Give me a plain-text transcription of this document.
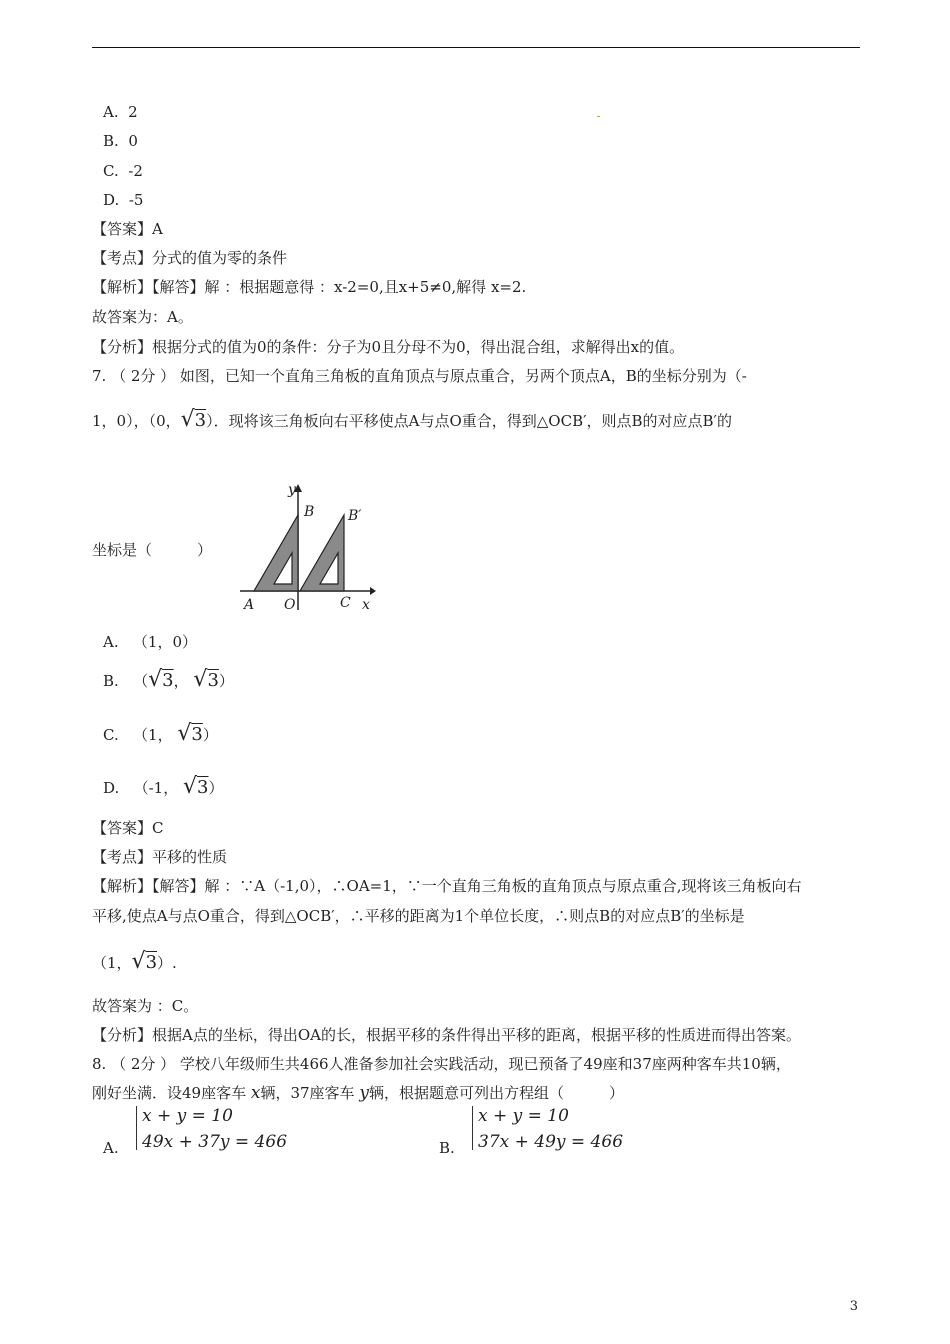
A. 2
B. 0
C. -2
D. -5
【答案】A
【考点】分式的值为零的条件
【解析】【解答】解 ：根据题意得 ：x-2=0,且x+5≠0,解得 x=2.
故答案为：A。
【分析】根据分式的值为0的条件：分子为0且分母不为0，得出混合组，求解得出x的值。
7. （ 2分 ） 如图，已知一个直角三角板的直角顶点与原点重合，另两个顶点A，B的坐标分别为（-
1，0），（0，√3）．现将该三角板向右平移使点A与点O重合，得到△OCB′，则点B的对应点B′的
坐标是（　　　）
y
B B′
A O	C x
A. （1，0）
B. （√3， √3）
C. （1， √3）
D. （-1， √3）
【答案】C
【考点】平移的性质
【解析】【解答】解 ：∵A（-1,0），∴OA=1，∵一个直角三角板的直角顶点与原点重合,现将该三角板向右
平移,使点A与点O重合，得到△OCB′，∴平移的距离为1个单位长度，∴则点B的对应点B′的坐标是
（1，√3）.
故答案为 ：C。
【分析】根据A点的坐标，得出OA的长，根据平移的条件得出平移的距离，根据平移的性质进而得出答案。
8. （ 2分 ） 学校八年级师生共466人准备参加社会实践活动，现已预备了49座和37座两种客车共10辆，
刚好坐满．设49座客车 x辆，37座客车 y辆，根据题意可列出方程组（　　　）
A.
x + y = 10
49x + 37y = 466	B.
x + y = 10
37x + 49y = 466
3
